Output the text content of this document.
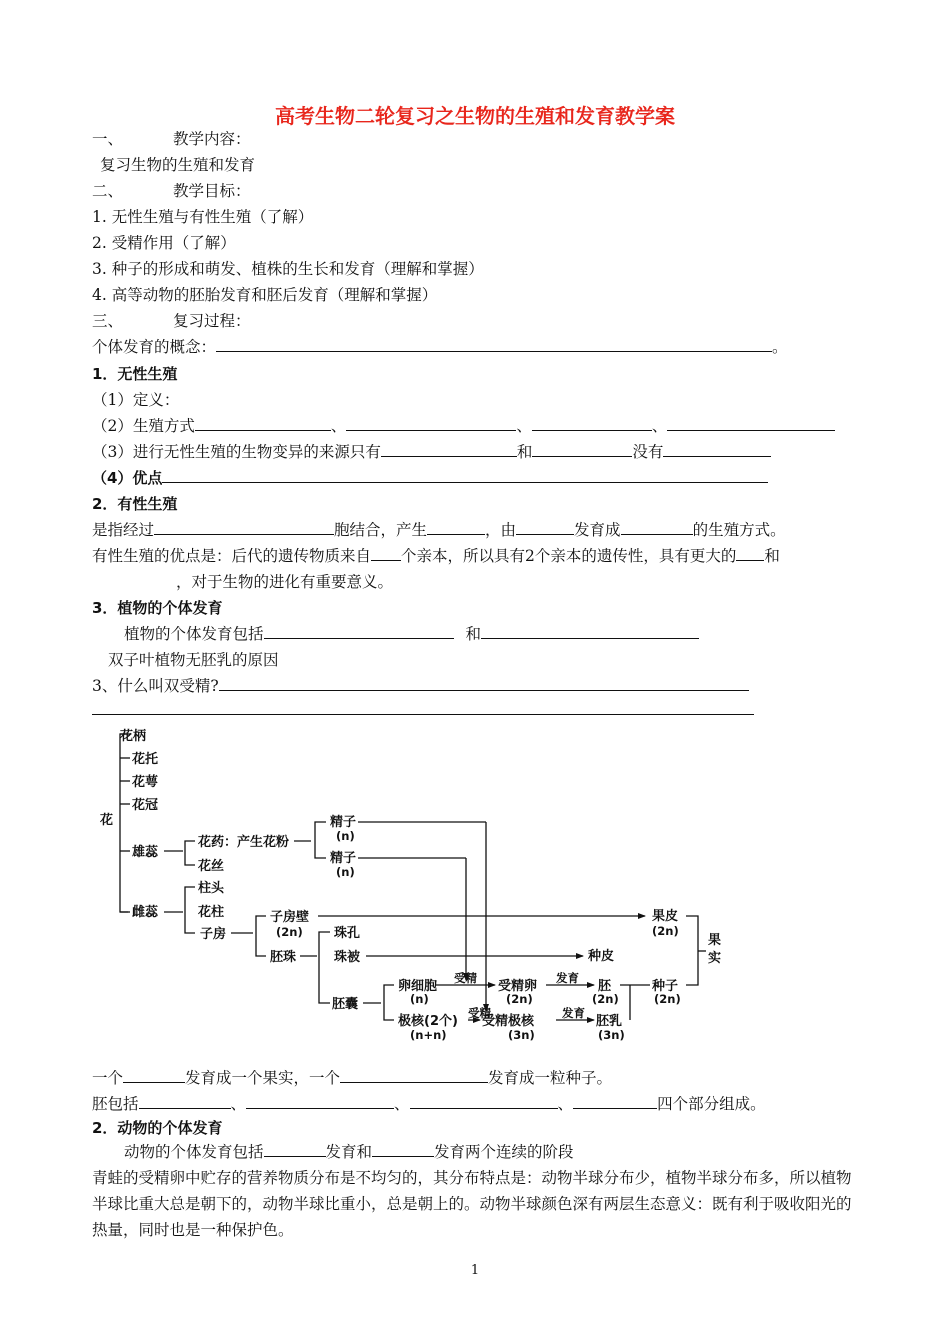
高考生物二轮复习之生物的生殖和发育教学案
一、	教学内容：
复习生物的生殖和发育
二、	教学目标：
1. 无性生殖与有性生殖（了解）
2. 受精作用（了解）
3. 种子的形成和萌发、植株的生长和发育（理解和掌握）
4. 高等动物的胚胎发育和胚后发育（理解和掌握）
三、	复习过程：
个体发育的概念：	。
1．无性生殖
（1）定义：
（2）生殖方式	、	、	、
（3）进行无性生殖的生物变异的来源只有	和	没有
（4）优点
2．有性生殖
是指经过	胞结合，产生	，由	发育成	的生殖方式。
有性生殖的优点是：后代的遗传物质来自 个亲本，所以具有2个亲本的遗传性，具有更大的 和
，对于生物的进化有重要意义。
3．植物的个体发育
植物的个体发育包括	和
双子叶植物无胚乳的原因
3、什么叫双受精?
花柄
花托
花萼
花冠
花
雄蕊
花药：产生花粉
花丝
精子
(n)
精子
(n)
柱头
雌蕊	花柱
子房
子房壁
(2n)
胚珠
珠孔
珠被
胚囊
卵细胞
(n)
极核(2个)
(n+n)
受精
受精
受精卵
(2n)
受精极核
(3n)
发育
发育
胚
(2n)
胚乳
(3n)
果皮
(2n)
种皮
种子
(2n)
果
实
一个	发育成一个果实，一个	发育成一粒种子。
胚包括	、	、	、	四个部分组成。
2．动物的个体发育
动物的个体发育包括	发育和	发育两个连续的阶段
青蛙的受精卵中贮存的营养物质分布是不均匀的，其分布特点是：动物半球分布少，植物半球分布多，所以植物半球比重大总是朝下的，动物半球比重小，总是朝上的。动物半球颜色深有两层生态意义：既有利于吸收阳光的热量，同时也是一种保护色。
1
